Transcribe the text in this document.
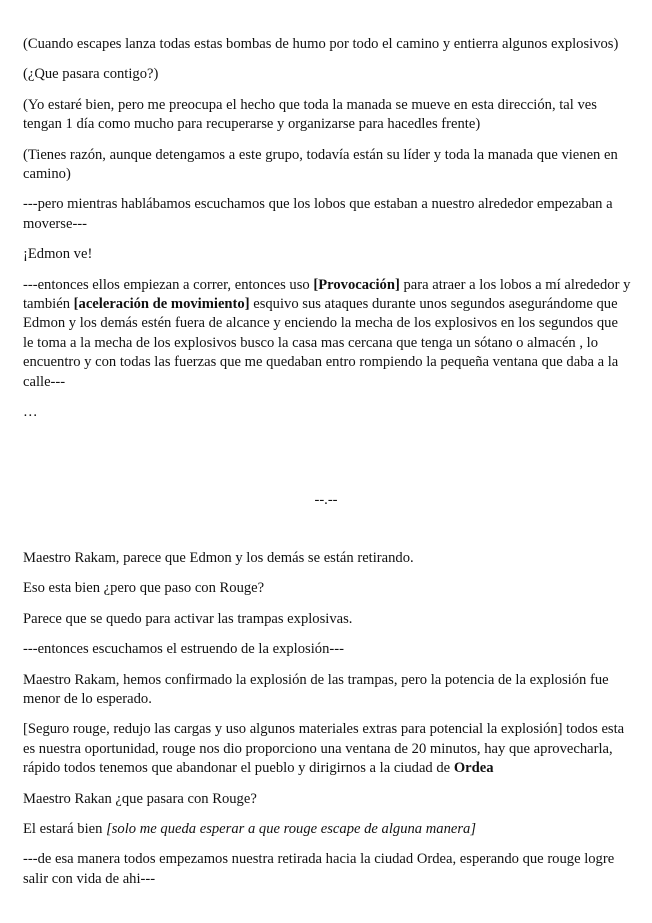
(Cuando escapes lanza todas estas bombas de humo por todo el camino y entierra algunos explosivos)

(¿Que pasara contigo?)

(Yo estaré bien, pero me preocupa el hecho que toda la manada se mueve en esta dirección, tal ves tengan 1 día como mucho para recuperarse y organizarse para hacedles frente)

(Tienes razón, aunque detengamos a este grupo, todavía están su líder y toda la manada que vienen en camino)

---pero mientras hablábamos escuchamos que los lobos que estaban a nuestro alrededor empezaban a moverse---

¡Edmon ve!

---entonces ellos empiezan a correr, entonces uso [Provocación] para atraer a los lobos a mí alrededor y también [aceleración de movimiento] esquivo sus ataques durante unos segundos asegurándome que Edmon y los demás estén fuera de alcance y enciendo la mecha de los explosivos en los segundos que le toma a la mecha de los explosivos busco la casa mas cercana que tenga un sótano o almacén , lo encuentro y con todas las fuerzas que me quedaban entro rompiendo la pequeña ventana que daba a la calle---

…

--.--

Maestro Rakam, parece que Edmon y los demás se están retirando.

Eso esta bien ¿pero que paso con Rouge?

Parece que se quedo para activar las trampas explosivas.

---entonces escuchamos el estruendo de la explosión---

Maestro Rakam, hemos confirmado la explosión de las trampas, pero la potencia de la explosión fue menor de lo esperado.

[Seguro rouge, redujo las cargas y uso algunos materiales extras para potencial la explosión] todos esta es nuestra oportunidad, rouge nos dio proporciono una ventana de 20 minutos, hay que aprovecharla, rápido todos tenemos que abandonar el pueblo y dirigirnos a la ciudad de Ordea

Maestro Rakan ¿que pasara con Rouge?

El estará bien [solo me queda esperar a que rouge escape de alguna manera]

---de esa manera todos empezamos nuestra retirada hacia la ciudad Ordea, esperando que rouge logre salir con vida de ahi---
